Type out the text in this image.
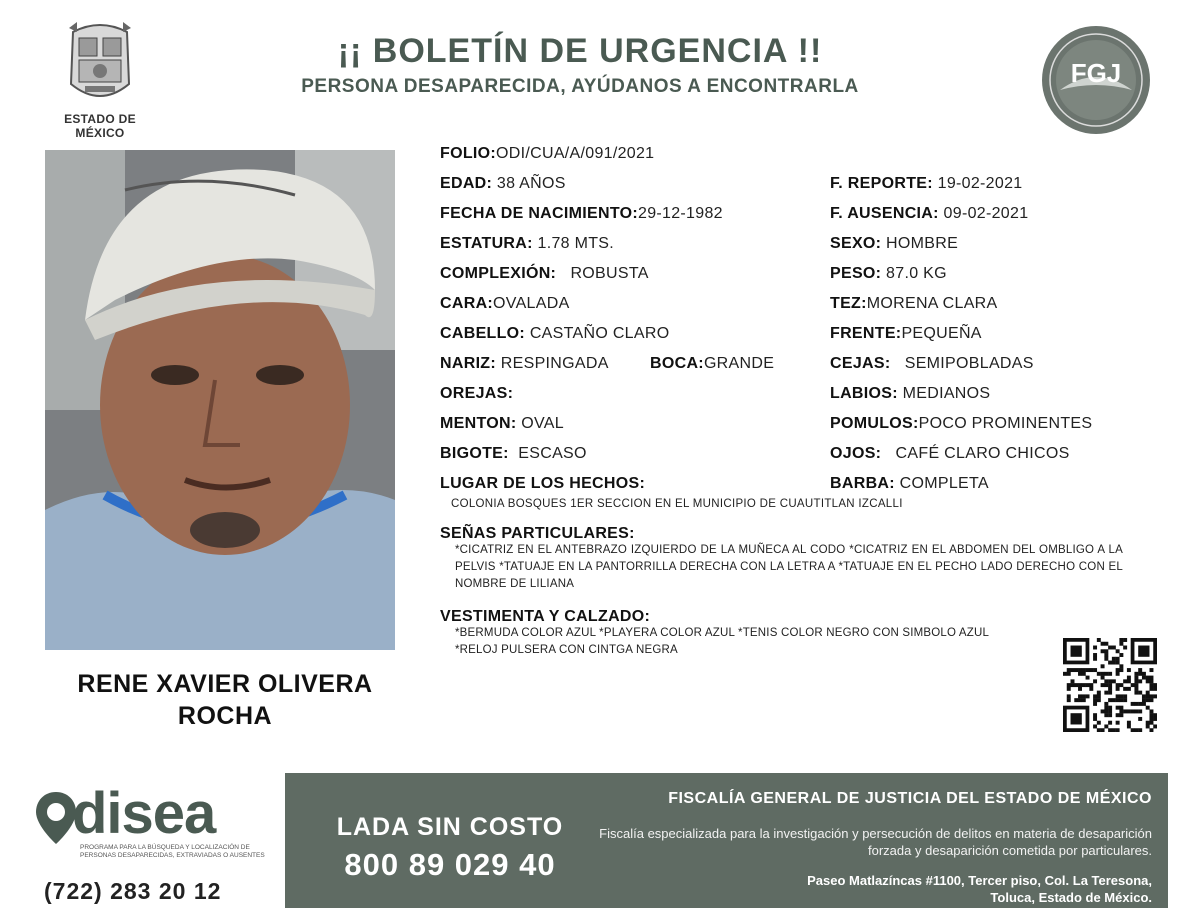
ESTADO DE MÉXICO
¡¡ BOLETÍN DE URGENCIA !!
PERSONA DESAPARECIDA, AYÚDANOS A ENCONTRARLA	FGJ
RENE XAVIER OLIVERA
ROCHA
FOLIO:ODI/CUA/A/091/2021
EDAD: 38 AÑOS
FECHA DE NACIMIENTO:29-12-1982
ESTATURA: 1.78 MTS.
COMPLEXIÓN: ROBUSTA
CARA:OVALADA
CABELLO: CASTAÑO CLARO
NARIZ: RESPINGADA	BOCA:GRANDE
OREJAS:
MENTON: OVAL
BIGOTE: ESCASO
LUGAR DE LOS HECHOS:
COLONIA BOSQUES 1ER SECCION EN EL MUNICIPIO DE CUAUTITLAN IZCALLI
F. REPORTE: 19-02-2021
F. AUSENCIA: 09-02-2021
SEXO: HOMBRE
PESO: 87.0 KG
TEZ:MORENA CLARA
FRENTE:PEQUEÑA
CEJAS: SEMIPOBLADAS
LABIOS: MEDIANOS
POMULOS:POCO PROMINENTES
OJOS: CAFÉ CLARO CHICOS
BARBA: COMPLETA
SEÑAS PARTICULARES:
*CICATRIZ EN EL ANTEBRAZO IZQUIERDO DE LA MUÑECA AL CODO *CICATRIZ EN EL ABDOMEN DEL OMBLIGO A LA PELVIS *TATUAJE EN LA PANTORRILLA DERECHA CON LA LETRA A *TATUAJE EN EL PECHO LADO DERECHO CON EL NOMBRE DE LILIANA
VESTIMENTA Y CALZADO:
*BERMUDA COLOR AZUL *PLAYERA COLOR AZUL *TENIS COLOR NEGRO CON SIMBOLO AZUL *RELOJ PULSERA CON CINTGA NEGRA
disea
PROGRAMA PARA LA BÚSQUEDA Y LOCALIZACIÓN DE PERSONAS DESAPARECIDAS, EXTRAVIADAS O AUSENTES
(722) 283 20 12
LADA SIN COSTO
800 89 029 40
FISCALÍA GENERAL DE JUSTICIA DEL ESTADO DE MÉXICO
Fiscalía especializada para la investigación y persecución de delitos en materia de desaparición forzada y desaparición cometida por particulares.
Paseo Matlazíncas #1100, Tercer piso, Col. La Teresona,
Toluca, Estado de México.
